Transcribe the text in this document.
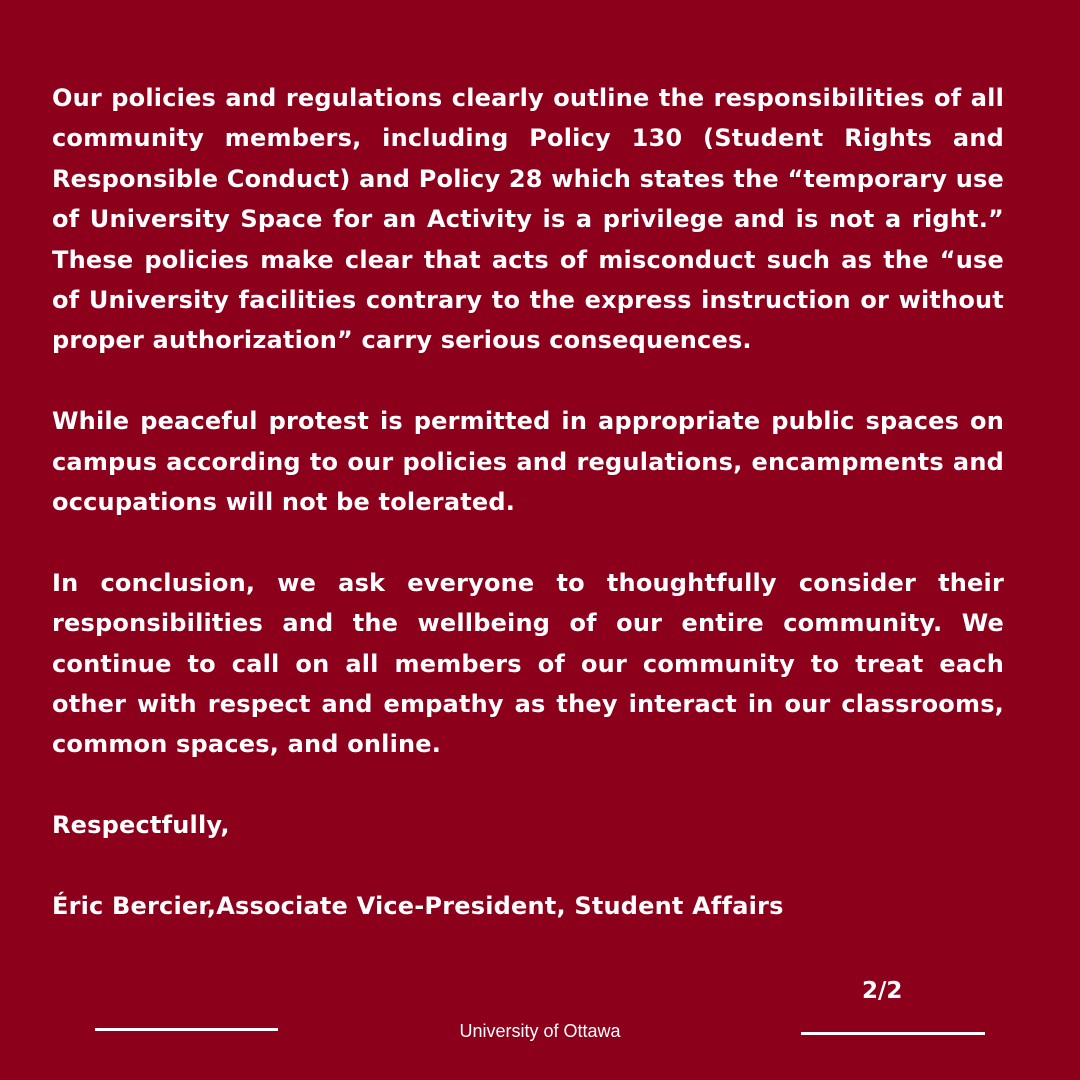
Our policies and regulations clearly outline the responsibilities of all community members, including Policy 130 (Student Rights and Responsible Conduct) and Policy 28 which states the “temporary use of University Space for an Activity is a privilege and is not a right.” These policies make clear that acts of misconduct such as the “use of University facilities contrary to the express instruction or without proper authorization” carry serious consequences.

While peaceful protest is permitted in appropriate public spaces on campus according to our policies and regulations, encampments and occupations will not be tolerated.

In conclusion, we ask everyone to thoughtfully consider their responsibilities and the wellbeing of our entire community. We continue to call on all members of our community to treat each other with respect and empathy as they interact in our classrooms, common spaces, and online.

Respectfully,

Éric Bercier,Associate Vice-President, Student Affairs

2/2
University of Ottawa
